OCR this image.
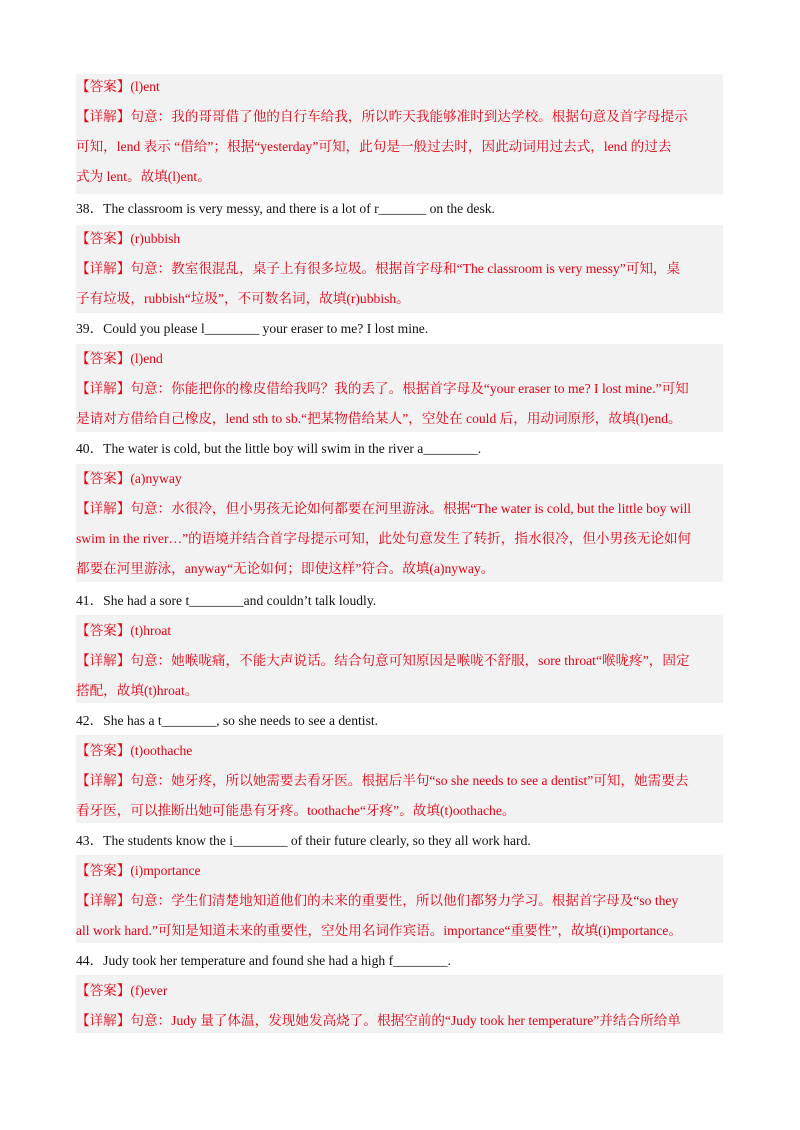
【答案】(l)ent
【详解】句意：我的哥哥借了他的自行车给我，所以昨天我能够准时到达学校。根据句意及首字母提示
可知，lend 表示 “借给”；根据“yesterday”可知，此句是一般过去时，因此动词用过去式，lend 的过去
式为 lent。故填(l)ent。
38．The classroom is very messy, and there is a lot of r_______ on the desk.
【答案】(r)ubbish
【详解】句意：教室很混乱，桌子上有很多垃圾。根据首字母和“The classroom is very messy”可知，桌
子有垃圾，rubbish“垃圾”，不可数名词，故填(r)ubbish。
39．Could you please l________ your eraser to me? I lost mine.
【答案】(l)end
【详解】句意：你能把你的橡皮借给我吗？我的丢了。根据首字母及“your eraser to me? I lost mine.”可知
是请对方借给自己橡皮，lend sth to sb.“把某物借给某人”，空处在 could 后，用动词原形，故填(l)end。
40．The water is cold, but the little boy will swim in the river a________.
【答案】(a)nyway
【详解】句意：水很冷，但小男孩无论如何都要在河里游泳。根据“The water is cold, but the little boy will
swim in the river…”的语境并结合首字母提示可知，此处句意发生了转折，指水很冷，但小男孩无论如何
都要在河里游泳，anyway“无论如何；即使这样”符合。故填(a)nyway。
41．She had a sore t________and couldn’t talk loudly.
【答案】(t)hroat
【详解】句意：她喉咙痛，不能大声说话。结合句意可知原因是喉咙不舒服，sore throat“喉咙疼”，固定
搭配，故填(t)hroat。
42．She has a t________, so she needs to see a dentist.
【答案】(t)oothache
【详解】句意：她牙疼，所以她需要去看牙医。根据后半句“so she needs to see a dentist”可知，她需要去
看牙医，可以推断出她可能患有牙疼。toothache“牙疼”。故填(t)oothache。
43．The students know the i________ of their future clearly, so they all work hard.
【答案】(i)mportance
【详解】句意：学生们清楚地知道他们的未来的重要性，所以他们都努力学习。根据首字母及“so they
all work hard.”可知是知道未来的重要性，空处用名词作宾语。importance“重要性”，故填(i)mportance。
44．Judy took her temperature and found she had a high f________.
【答案】(f)ever
【详解】句意：Judy 量了体温，发现她发高烧了。根据空前的“Judy took her temperature”并结合所给单
